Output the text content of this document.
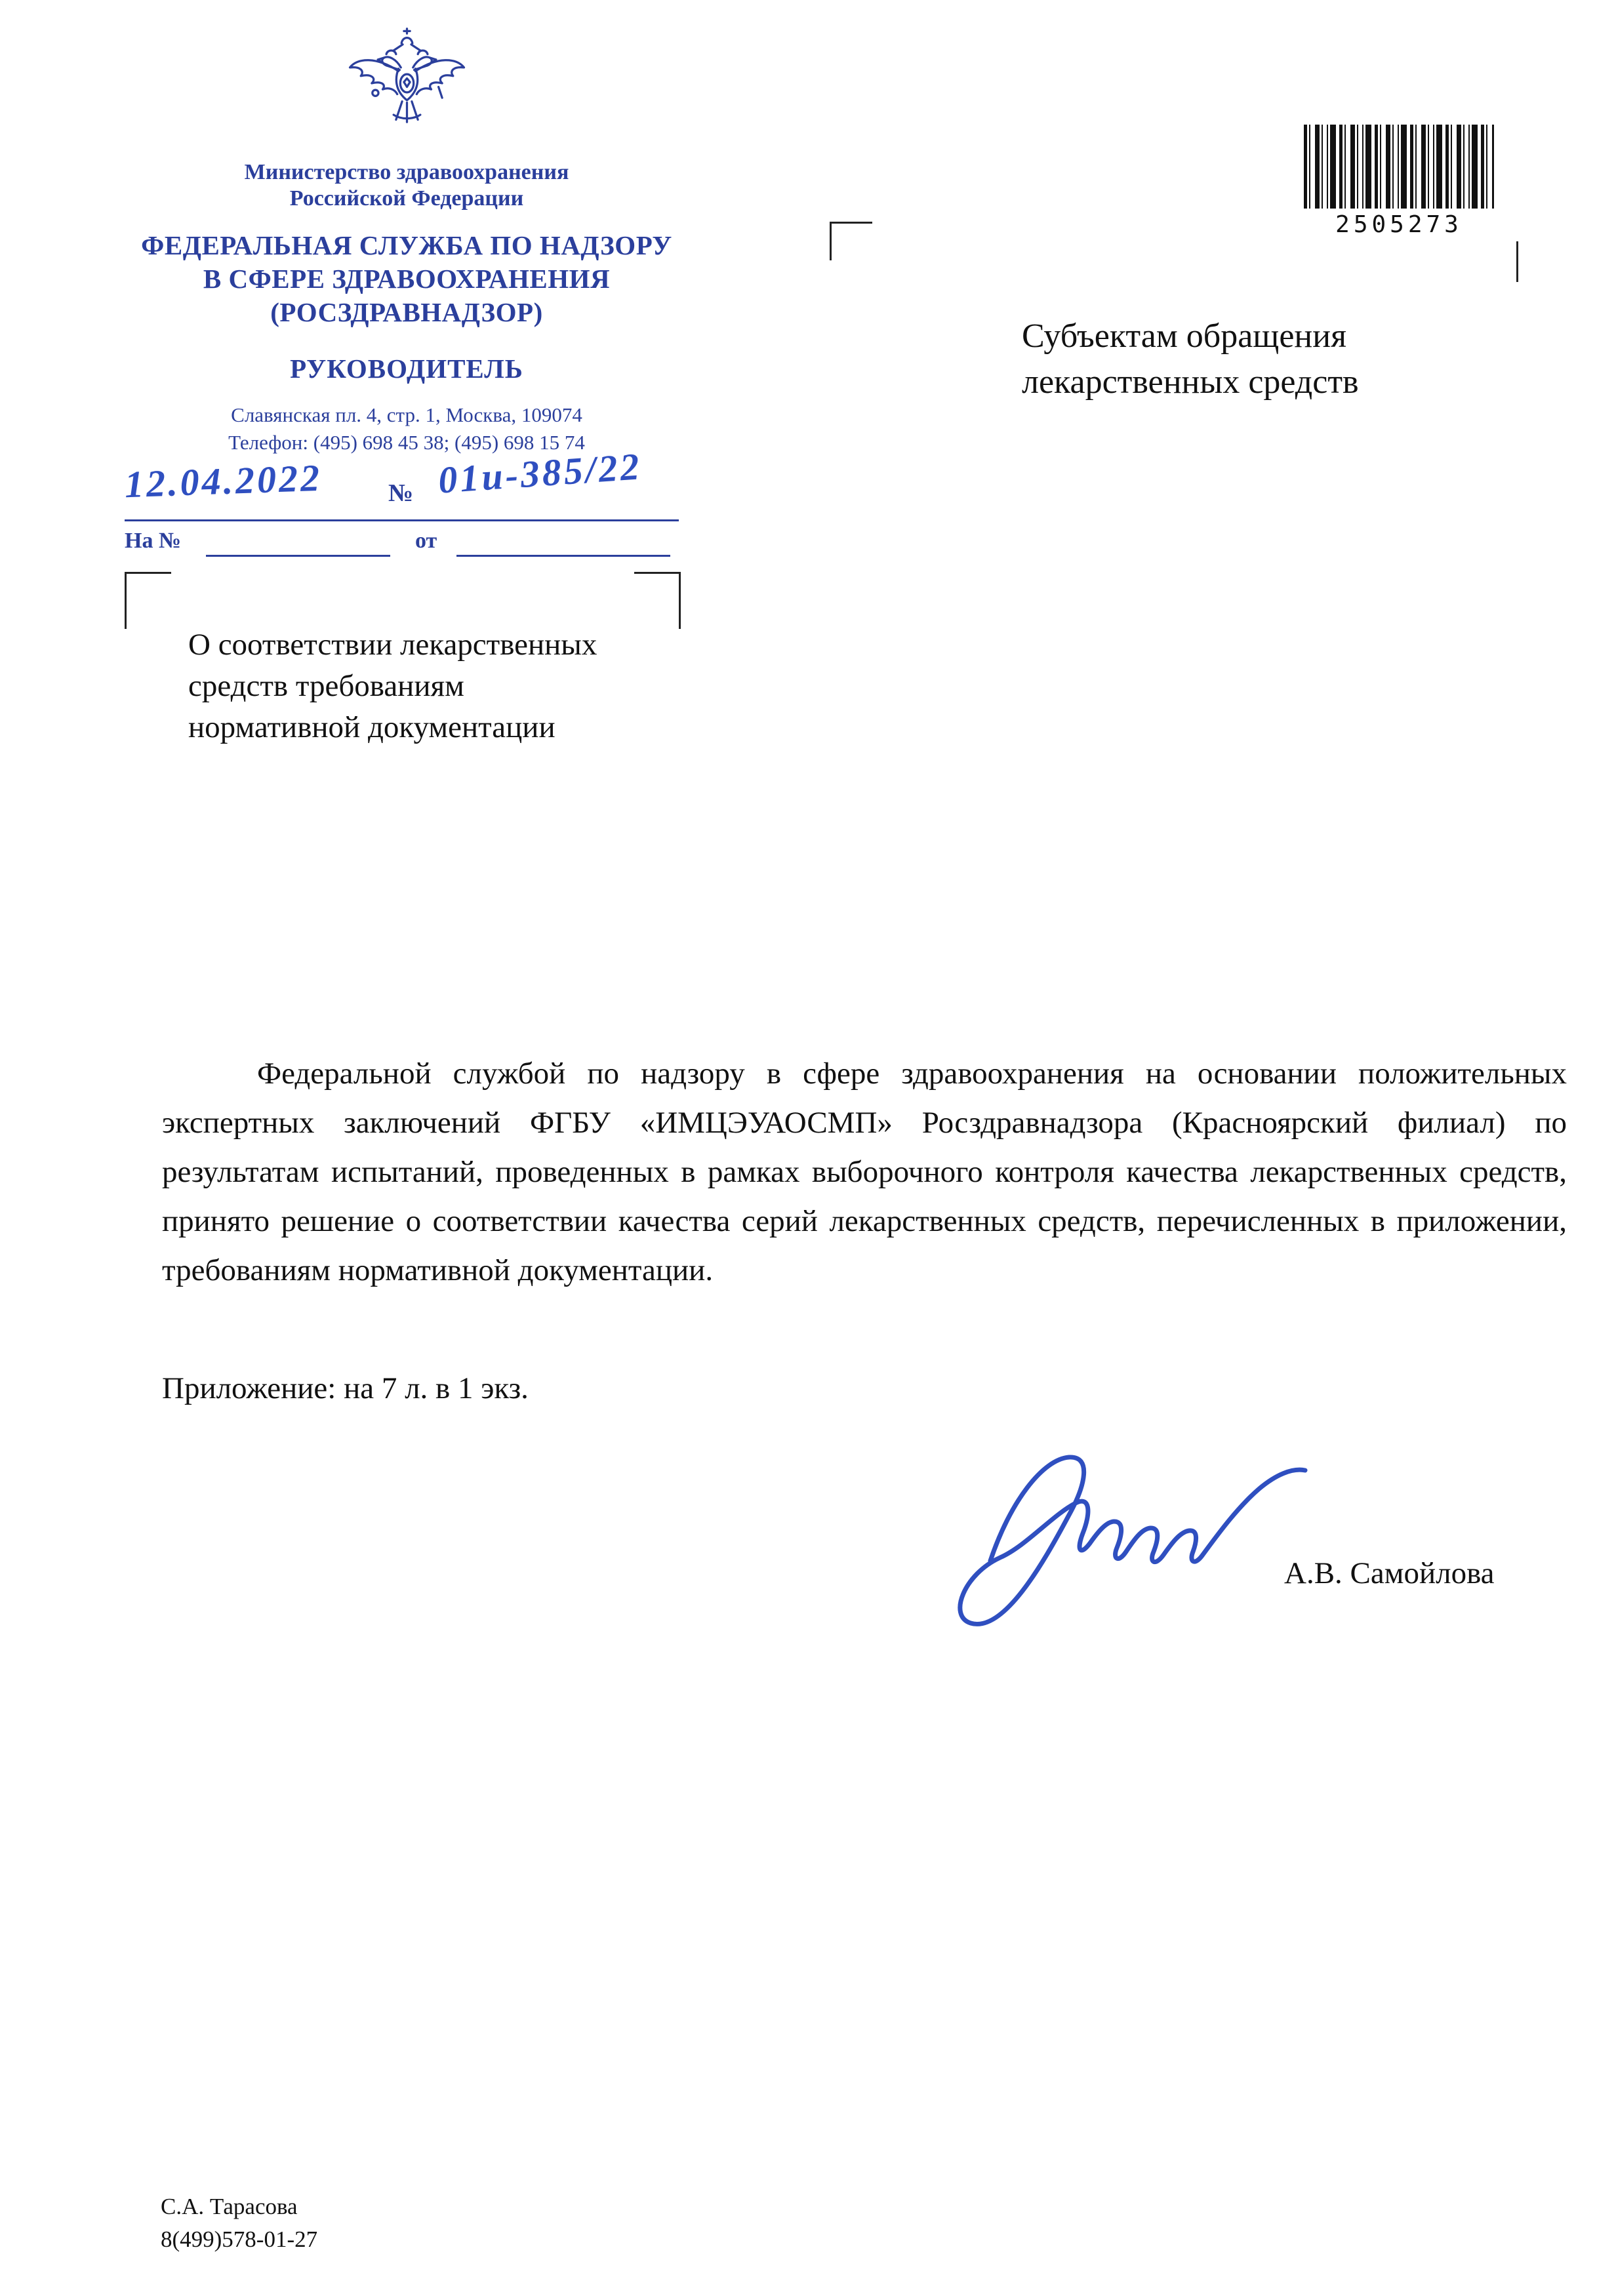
Министерство здравоохранения
Российской Федерации
ФЕДЕРАЛЬНАЯ СЛУЖБА ПО НАДЗОРУ
В СФЕРЕ ЗДРАВООХРАНЕНИЯ
(РОСЗДРАВНАДЗОР)
РУКОВОДИТЕЛЬ
Славянская пл. 4, стр. 1, Москва, 109074
Телефон: (495) 698 45 38; (495) 698 15 74
12.04.2022	№ 01и-385/22
На №	от
2505273
Субъектам обращения
лекарственных средств
О соответствии лекарственных
средств требованиям
нормативной документации

Федеральной службой по надзору в сфере здравоохранения на основании положительных экспертных заключений ФГБУ «ИМЦЭУАОСМП» Росздравнадзора (Красноярский филиал) по результатам испытаний, проведенных в рамках выборочного контроля качества лекарственных средств, принято решение о соответствии качества серий лекарственных средств, перечисленных в приложении, требованиям нормативной документации.

Приложение: на 7 л. в 1 экз.
А.В. Самойлова
С.А. Тарасова
8(499)578-01-27
